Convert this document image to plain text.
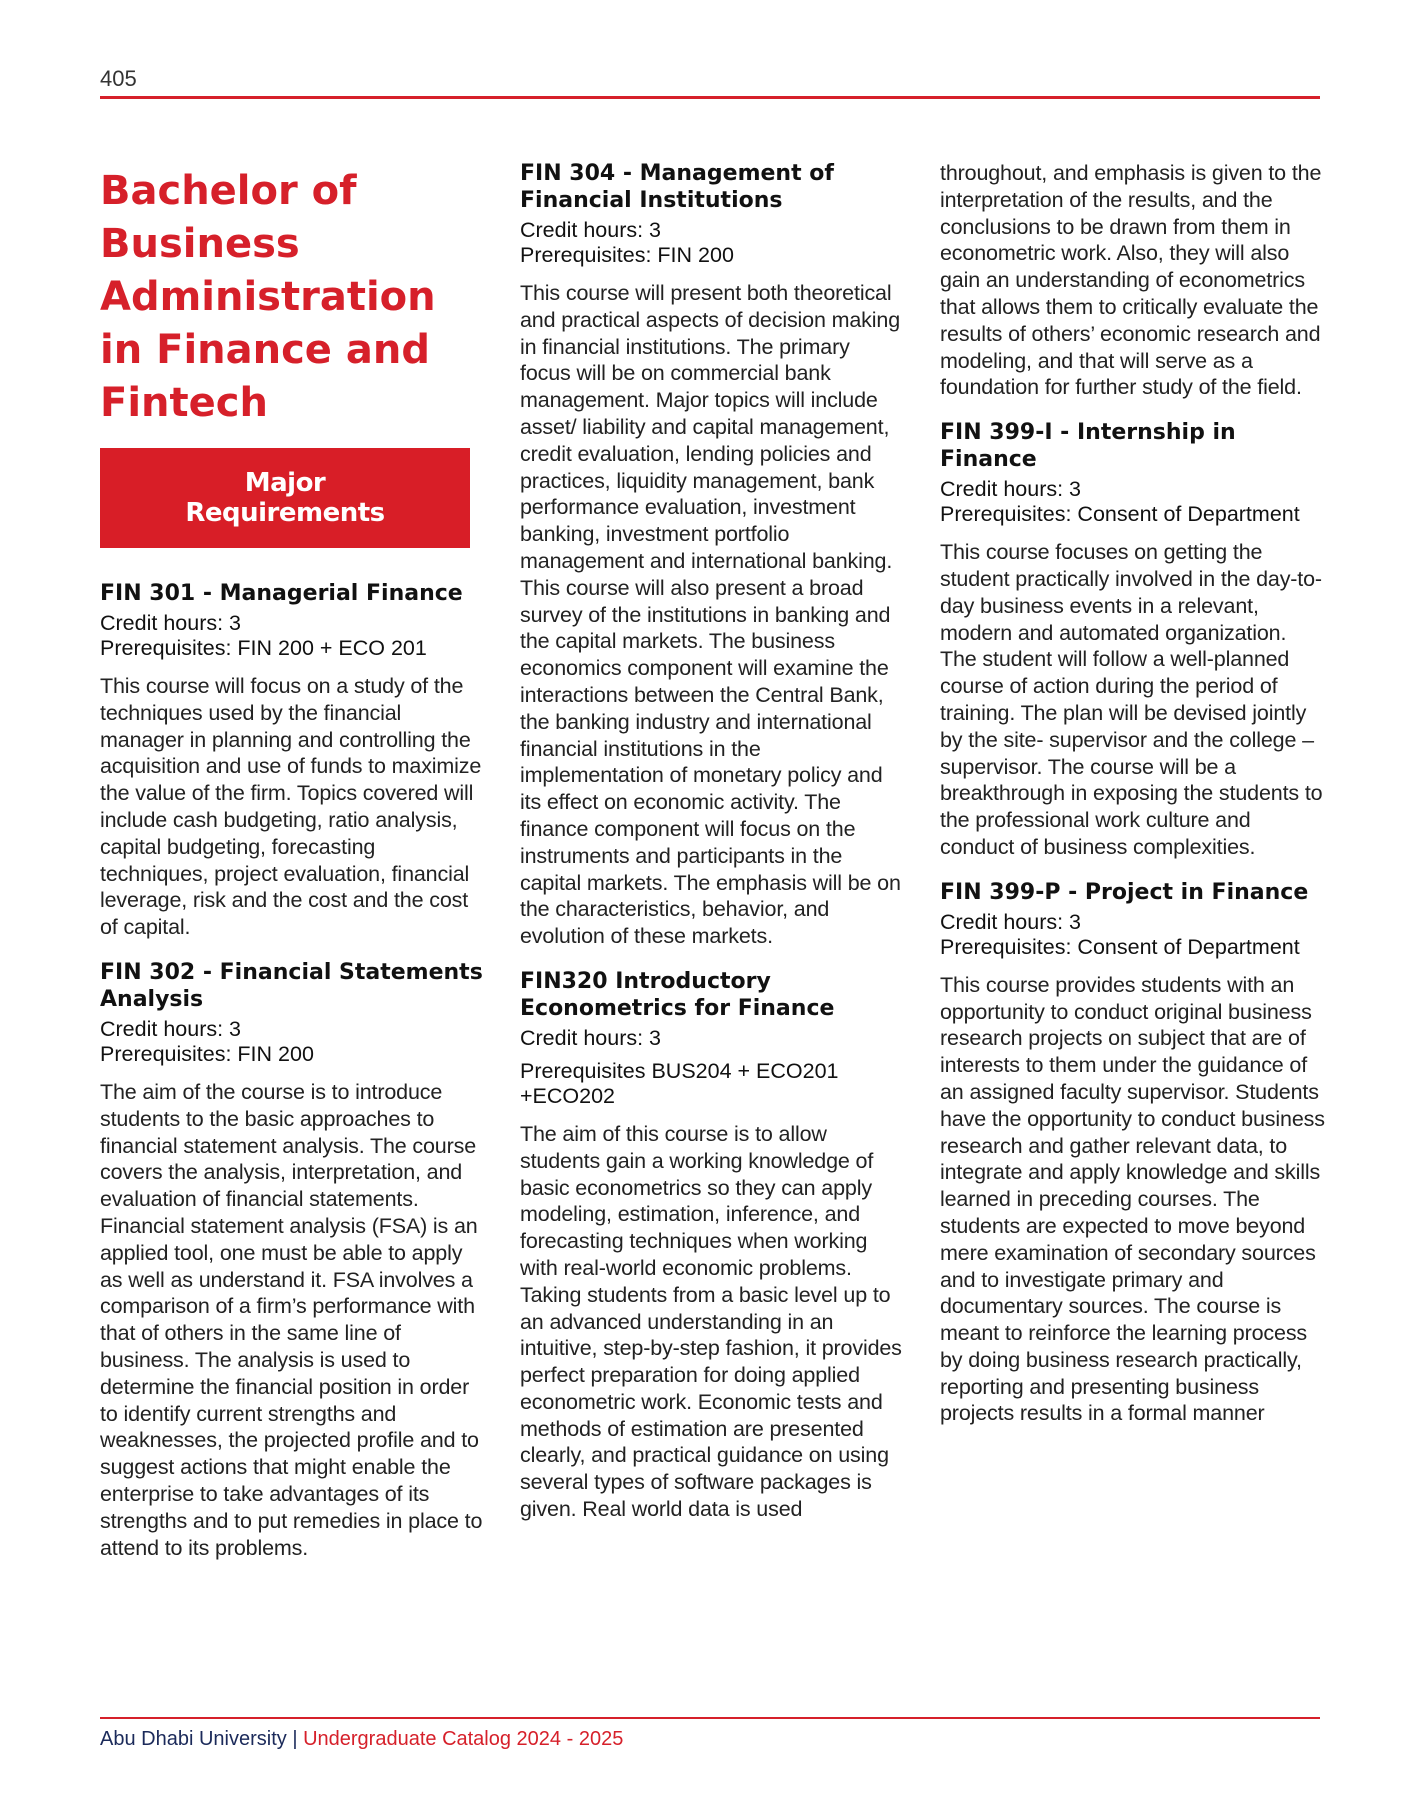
405
Bachelor of Business Administration in Finance and Fintech
Major
Requirements
FIN 301 - Managerial Finance

Credit hours: 3

Prerequisites: FIN 200 + ECO 201

This course will focus on a study of the techniques used by the financial manager in planning and controlling the acquisition and use of funds to maximize the value of the firm. Topics covered will include cash budgeting, ratio analysis, capital budgeting, forecasting techniques, project evaluation, financial leverage, risk and the cost and the cost of capital.

FIN 302 - Financial Statements Analysis

Credit hours: 3

Prerequisites: FIN 200

The aim of the course is to introduce students to the basic approaches to financial statement analysis. The course covers the analysis, interpretation, and evaluation of financial statements. Financial statement analysis (FSA) is an applied tool, one must be able to apply as well as understand it. FSA involves a comparison of a firm’s performance with that of others in the same line of business. The analysis is used to determine the financial position in order to identify current strengths and weaknesses, the projected profile and to suggest actions that might enable the enterprise to take advantages of its strengths and to put remedies in place to attend to its problems.

FIN 304 - Management of Financial Institutions

Credit hours: 3

Prerequisites: FIN 200

This course will present both theoretical and practical aspects of decision making in financial institutions. The primary focus will be on commercial bank management. Major topics will include asset/ liability and capital management, credit evaluation, lending policies and practices, liquidity management, bank performance evaluation, investment banking, investment portfolio management and international banking. This course will also present a broad survey of the institutions in banking and the capital markets. The business economics component will examine the interactions between the Central Bank, the banking industry and international financial institutions in the implementation of monetary policy and its effect on economic activity. The finance component will focus on the instruments and participants in the capital markets. The emphasis will be on the characteristics, behavior, and evolution of these markets.

FIN320 Introductory Econometrics for Finance

Credit hours: 3

Prerequisites BUS204 + ECO201 +ECO202

The aim of this course is to allow students gain a working knowledge of basic econometrics so they can apply modeling, estimation, inference, and forecasting techniques when working with real-world economic problems. Taking students from a basic level up to an advanced understanding in an intuitive, step-by-step fashion, it provides perfect preparation for doing applied econometric work. Economic tests and methods of estimation are presented clearly, and practical guidance on using several types of software packages is given. Real world data is used

throughout, and emphasis is given to the interpretation of the results, and the conclusions to be drawn from them in econometric work. Also, they will also gain an understanding of econometrics that allows them to critically evaluate the results of others’ economic research and modeling, and that will serve as a foundation for further study of the field.

FIN 399-I - Internship in Finance

Credit hours: 3

Prerequisites: Consent of Department

This course focuses on getting the student practically involved in the day-to-day business events in a relevant, modern and automated organization. The student will follow a well-planned course of action during the period of training. The plan will be devised jointly by the site- supervisor and the college –supervisor. The course will be a breakthrough in exposing the students to the professional work culture and conduct of business complexities.

FIN 399-P - Project in Finance

Credit hours: 3

Prerequisites: Consent of Department

This course provides students with an opportunity to conduct original business research projects on subject that are of interests to them under the guidance of an assigned faculty supervisor. Students have the opportunity to conduct business research and gather relevant data, to integrate and apply knowledge and skills learned in preceding courses. The students are expected to move beyond mere examination of secondary sources and to investigate primary and documentary sources. The course is meant to reinforce the learning process by doing business research practically, reporting and presenting business projects results in a formal manner

Abu Dhabi University | Undergraduate Catalog 2024 - 2025
